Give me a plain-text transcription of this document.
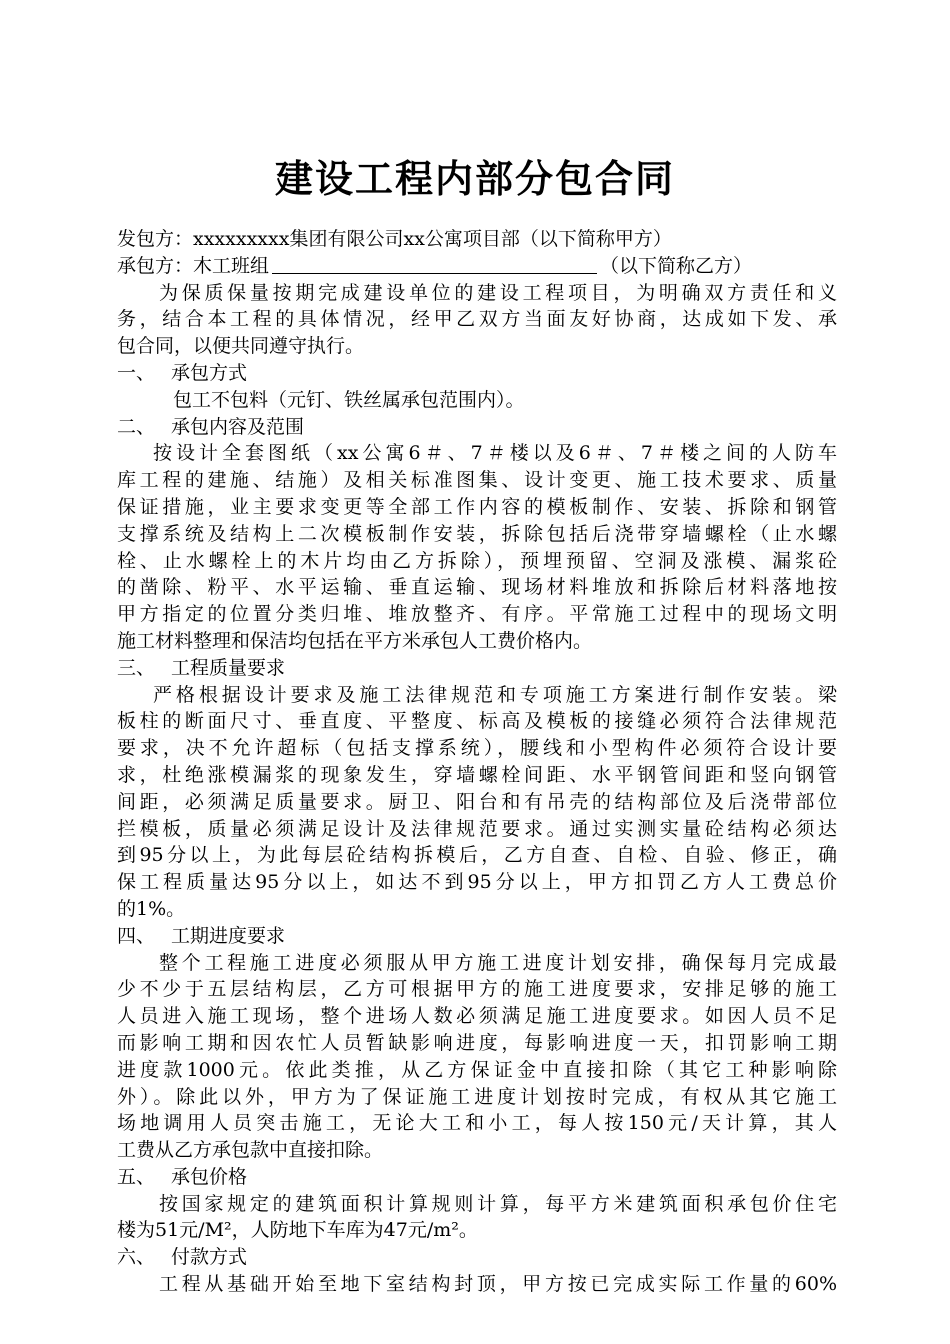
建设工程内部分包合同
发包方：xxxxxxxxx集团有限公司xx公寓项目部（以下简称甲方）
承包方：木工班组	（以下简称乙方）
为保质保量按期完成建设单位的建设工程项目，为明确双方责任和义
务，结合本工程的具体情况，经甲乙双方当面友好协商，达成如下发、承
包合同，以便共同遵守执行。
一、 承包方式
包工不包料（元钉、铁丝属承包范围内）。
二、 承包内容及范围
按设计全套图纸（xx公寓6＃、7＃楼以及6＃、7＃楼之间的人防车
库工程的建施、结施）及相关标准图集、设计变更、施工技术要求、质量
保证措施，业主要求变更等全部工作内容的模板制作、安装、拆除和钢管
支撑系统及结构上二次模板制作安装，拆除包括后浇带穿墙螺栓（止水螺
栓、止水螺栓上的木片均由乙方拆除），预埋预留、空洞及涨模、漏浆砼
的凿除、粉平、水平运输、垂直运输、现场材料堆放和拆除后材料落地按
甲方指定的位置分类归堆、堆放整齐、有序。平常施工过程中的现场文明
施工材料整理和保洁均包括在平方米承包人工费价格内。
三、 工程质量要求
严格根据设计要求及施工法律规范和专项施工方案进行制作安装。梁
板柱的断面尺寸、垂直度、平整度、标高及模板的接缝必须符合法律规范
要求，决不允许超标（包括支撑系统），腰线和小型构件必须符合设计要
求，杜绝涨模漏浆的现象发生，穿墙螺栓间距、水平钢管间距和竖向钢管
间距，必须满足质量要求。厨卫、阳台和有吊壳的结构部位及后浇带部位
拦模板，质量必须满足设计及法律规范要求。通过实测实量砼结构必须达
到95分以上，为此每层砼结构拆模后，乙方自查、自检、自验、修正，确
保工程质量达95分以上，如达不到95分以上，甲方扣罚乙方人工费总价
的1%。
四、 工期进度要求
整个工程施工进度必须服从甲方施工进度计划安排，确保每月完成最
少不少于五层结构层，乙方可根据甲方的施工进度要求，安排足够的施工
人员进入施工现场，整个进场人数必须满足施工进度要求。如因人员不足
而影响工期和因农忙人员暂缺影响进度，每影响进度一天，扣罚影响工期
进度款1000元。依此类推，从乙方保证金中直接扣除（其它工种影响除
外）。除此以外，甲方为了保证施工进度计划按时完成，有权从其它施工
场地调用人员突击施工，无论大工和小工，每人按150元/天计算，其人
工费从乙方承包款中直接扣除。
五、 承包价格
按国家规定的建筑面积计算规则计算，每平方米建筑面积承包价住宅
楼为51元/M²，人防地下车库为47元/m²。
六、 付款方式
工程从基础开始至地下室结构封顶，甲方按已完成实际工作量的60%
